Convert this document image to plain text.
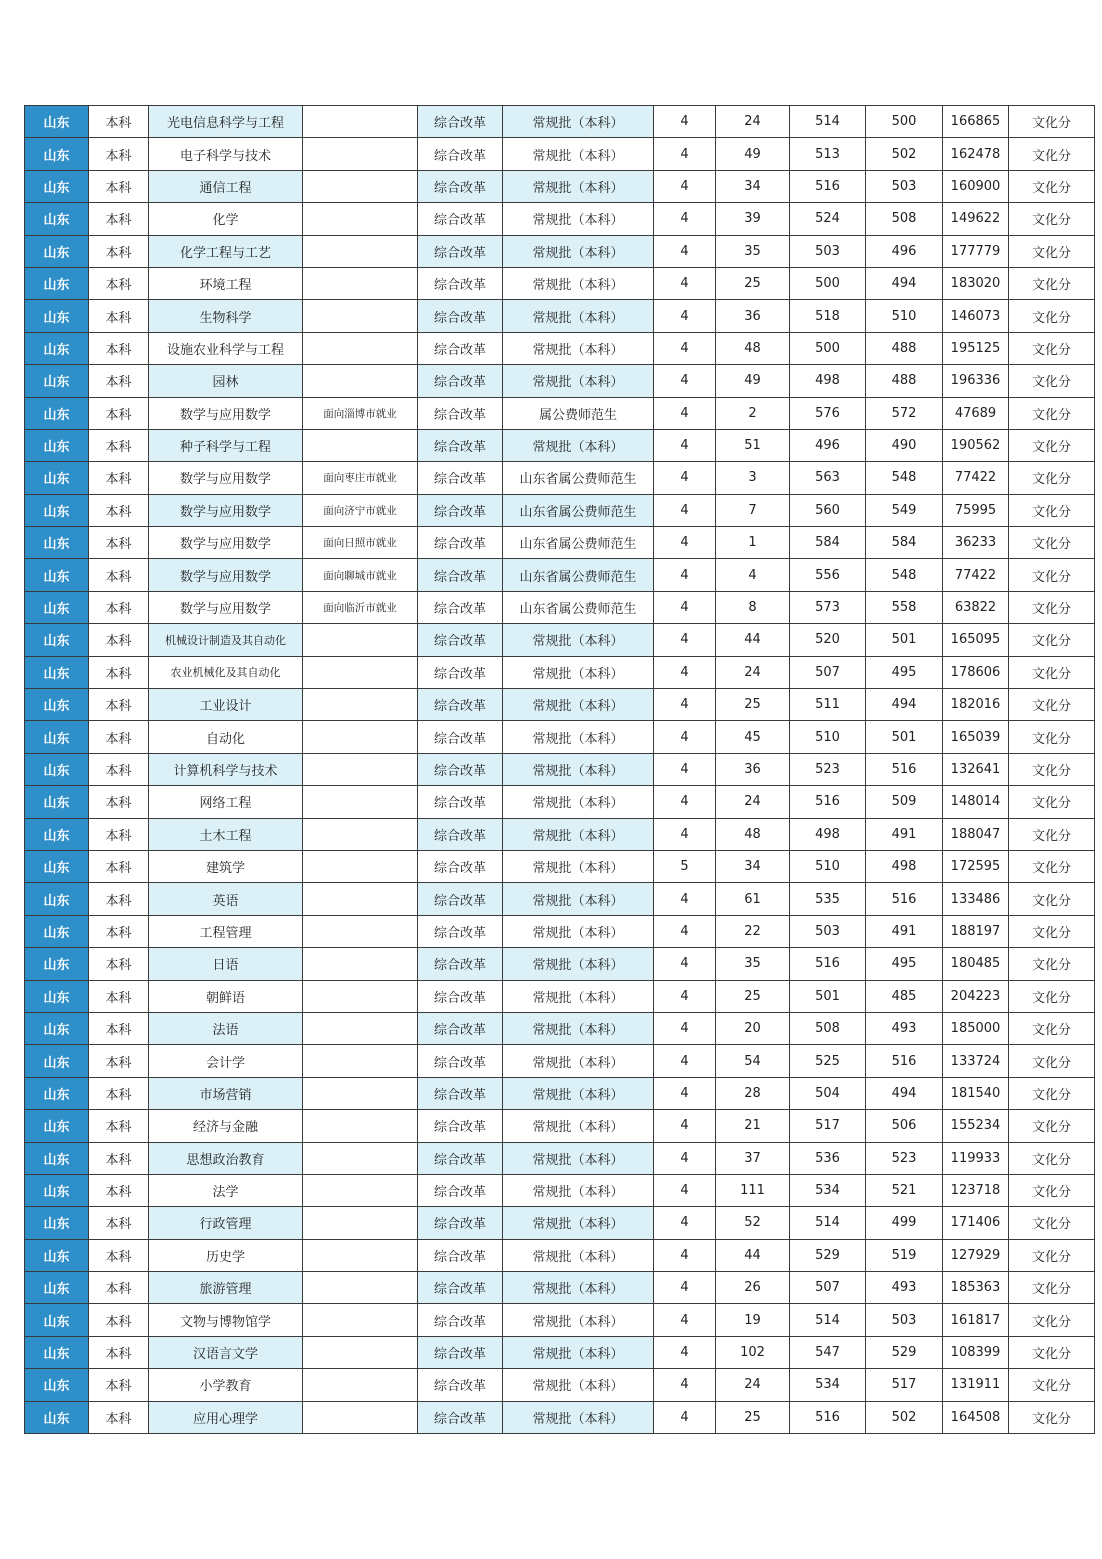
山东	本科	光电信息科学与工程		综合改革	常规批（本科）	4	24	514	500	166865	文化分
山东	本科	电子科学与技术		综合改革	常规批（本科）	4	49	513	502	162478	文化分
山东	本科	通信工程		综合改革	常规批（本科）	4	34	516	503	160900	文化分
山东	本科	化学		综合改革	常规批（本科）	4	39	524	508	149622	文化分
山东	本科	化学工程与工艺		综合改革	常规批（本科）	4	35	503	496	177779	文化分
山东	本科	环境工程		综合改革	常规批（本科）	4	25	500	494	183020	文化分
山东	本科	生物科学		综合改革	常规批（本科）	4	36	518	510	146073	文化分
山东	本科	设施农业科学与工程		综合改革	常规批（本科）	4	48	500	488	195125	文化分
山东	本科	园林		综合改革	常规批（本科）	4	49	498	488	196336	文化分
山东	本科	数学与应用数学	面向淄博市就业	综合改革	属公费师范生	4	2	576	572	47689	文化分
山东	本科	种子科学与工程		综合改革	常规批（本科）	4	51	496	490	190562	文化分
山东	本科	数学与应用数学	面向枣庄市就业	综合改革	山东省属公费师范生	4	3	563	548	77422	文化分
山东	本科	数学与应用数学	面向济宁市就业	综合改革	山东省属公费师范生	4	7	560	549	75995	文化分
山东	本科	数学与应用数学	面向日照市就业	综合改革	山东省属公费师范生	4	1	584	584	36233	文化分
山东	本科	数学与应用数学	面向聊城市就业	综合改革	山东省属公费师范生	4	4	556	548	77422	文化分
山东	本科	数学与应用数学	面向临沂市就业	综合改革	山东省属公费师范生	4	8	573	558	63822	文化分
山东	本科	机械设计制造及其自动化		综合改革	常规批（本科）	4	44	520	501	165095	文化分
山东	本科	农业机械化及其自动化		综合改革	常规批（本科）	4	24	507	495	178606	文化分
山东	本科	工业设计		综合改革	常规批（本科）	4	25	511	494	182016	文化分
山东	本科	自动化		综合改革	常规批（本科）	4	45	510	501	165039	文化分
山东	本科	计算机科学与技术		综合改革	常规批（本科）	4	36	523	516	132641	文化分
山东	本科	网络工程		综合改革	常规批（本科）	4	24	516	509	148014	文化分
山东	本科	土木工程		综合改革	常规批（本科）	4	48	498	491	188047	文化分
山东	本科	建筑学		综合改革	常规批（本科）	5	34	510	498	172595	文化分
山东	本科	英语		综合改革	常规批（本科）	4	61	535	516	133486	文化分
山东	本科	工程管理		综合改革	常规批（本科）	4	22	503	491	188197	文化分
山东	本科	日语		综合改革	常规批（本科）	4	35	516	495	180485	文化分
山东	本科	朝鲜语		综合改革	常规批（本科）	4	25	501	485	204223	文化分
山东	本科	法语		综合改革	常规批（本科）	4	20	508	493	185000	文化分
山东	本科	会计学		综合改革	常规批（本科）	4	54	525	516	133724	文化分
山东	本科	市场营销		综合改革	常规批（本科）	4	28	504	494	181540	文化分
山东	本科	经济与金融		综合改革	常规批（本科）	4	21	517	506	155234	文化分
山东	本科	思想政治教育		综合改革	常规批（本科）	4	37	536	523	119933	文化分
山东	本科	法学		综合改革	常规批（本科）	4	111	534	521	123718	文化分
山东	本科	行政管理		综合改革	常规批（本科）	4	52	514	499	171406	文化分
山东	本科	历史学		综合改革	常规批（本科）	4	44	529	519	127929	文化分
山东	本科	旅游管理		综合改革	常规批（本科）	4	26	507	493	185363	文化分
山东	本科	文物与博物馆学		综合改革	常规批（本科）	4	19	514	503	161817	文化分
山东	本科	汉语言文学		综合改革	常规批（本科）	4	102	547	529	108399	文化分
山东	本科	小学教育		综合改革	常规批（本科）	4	24	534	517	131911	文化分
山东	本科	应用心理学		综合改革	常规批（本科）	4	25	516	502	164508	文化分
